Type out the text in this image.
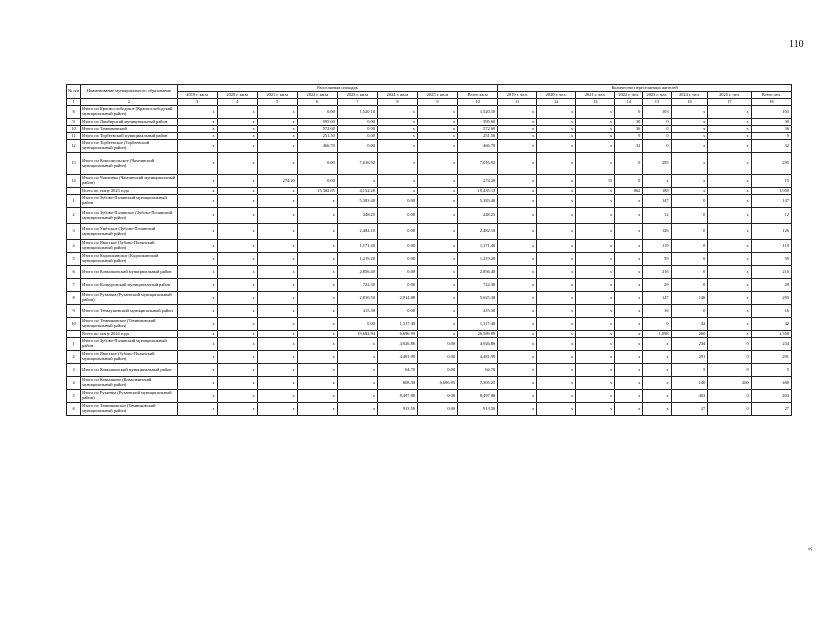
110
№ п/п	Наименование муниципального образования	Расселяемая площадь								Количество переселяемых жителей							
		2019 г. кв.м	2020 г. кв.м	2021 г. кв.м	2022 г. кв.м	2023 г. кв.м	2024 г. кв.м	2025 г. кв.м	Всего кв.м	2019 г. чел.	2020 г. чел.	2021 г. чел.	2022 г. чел.	2023 г. чел.	2024 г. чел.	2025 г. чел.	Всего чел.
1	2	3	4	5	6	7	8	9	10	11	12	13	14	15	16	17	18
8	Итого по Краснослободское (Краснослободский муниципальный район)	x	x	x	0.00	1,520.10	x	x	1,520.10	x	x	x	0	103	x	x	103
9	Итого по Лямбирский муниципальный район	x	x	x	595.60	0.00	x	x	595.60	x	x	x	30	0	x	x	30
10	Итого по Темниковский	x	x	x	572.60	0.00	x	x	572.60	x	x	x	36	0	x	x	36
11	Итого по Торбеевский муниципальный район	x	x	x	251.50	0.00	x	x	251.50	x	x	x	9	0	x	x	9
12	Итого по Торбеевское (Торбеевский муниципальный район)	x	x	x	466.70	0.00	x	x	466.70	x	x	x	32	0	x	x	32
13	Итого по Комсомольское (Чамзинский муниципальный район)	x	x	x	0.00	7,016.92	x	x	7,016.92	x	x	x	0	295	x	x	295
14	Итого по Чамзинка (Чамзинский муниципальный район)	x	x	274.20	0.00	x	x	x	274.20	x	x	15	0	x	x	x	15
	Всего по этапу 2023 года	x	x	x	15,302.85	4,132.28	x	x	19,435.13	x	x	x	862	188	x	x	1,050
1	Итого по Зубово-Полянский муниципальный район	x	x	x	x	5,383.40	0.00	x	5,383.40	x	x	x	x	147	0	x	147
2	Итого по Зубово-Полянское (Зубово-Полянский муниципальный район)	x	x	x	x	248.25	0.00	x	248.25	x	x	x	x	12	0	x	12
3	Итого по Умётское (Зубово-Полянский муниципальный район)	x	x	x	x	2,482.10	0.00	x	2,482.10	x	x	x	x	126	0	x	126
4	Итого по Явасское (Зубово-Полянский муниципальный район)	x	x	x	x	1,171.40	0.00	x	1,171.40	x	x	x	x	119	0	x	119
5	Итого по Кадошкинское (Кадошкинский муниципальный район)	x	x	x	x	1,219.20	0.00	x	1,219.20	x	x	x	x	59	0	x	59
6	Итого по Ковылкинский муниципальный район	x	x	x	x	2,856.40	0.00	x	2,856.40	x	x	x	x	216	0	x	216
7	Итого по Кочкуровский муниципальный район	x	x	x	x	722.30	0.00	x	722.30	x	x	x	x	29	0	x	29
8	Итого по Рузаевка (Рузаевский муниципальный район)	x	x	x	x	2,810.50	2,814.88	x	5,625.38	x	x	x	x	147	146	x	293
9	Итого по Теньгушевский муниципальный район	x	x	x	x	415.30	0.00	x	415.30	x	x	x	x	16	0	x	16
10	Итого по Темниковское (Темниковский муниципальный район)	x	x	x	x	0.00	1,317.40	x	1,317.40	x	x	x	x	0	42	x	42
	Всего по этапу 2024 года	x	x	x	x	19,682.94	6,696.95	x	26,589.89	x	x	x	x	1,098	260	x	1,358
1	Итого по Зубово-Полянский муниципальный район	x	x	x	x	x	4,926.86	0.00	4,926.86	x	x	x	x	x	234	0	234
2	Итого по Явасское (Зубово-Полянский муниципальный район)	x	x	x	x	x	4,481.99	0.00	4,481.99	x	x	x	x	x	291	0	291
3	Итого по Ковылкинский муниципальный район	x	x	x	x	x	64.70	0.00	64.70	x	x	x	x	x	5	0	5
4	Итого по Ковылкино (Ковылкинский муниципальный район)	x	x	x	x	x	608.30	6,696.95	7,305.25	x	x	x	x	x	140	260	400
5	Итого по Рузаевка (Рузаевский муниципальный район)	x	x	x	x	x	8,497.88	0.00	8,497.88	x	x	x	x	x	403	0	403
6	Итого по Темниковское (Темниковский муниципальный район)	x	x	x	x	x	913.50	0.00	913.50	x	x	x	x	x	27	0	27
»;
